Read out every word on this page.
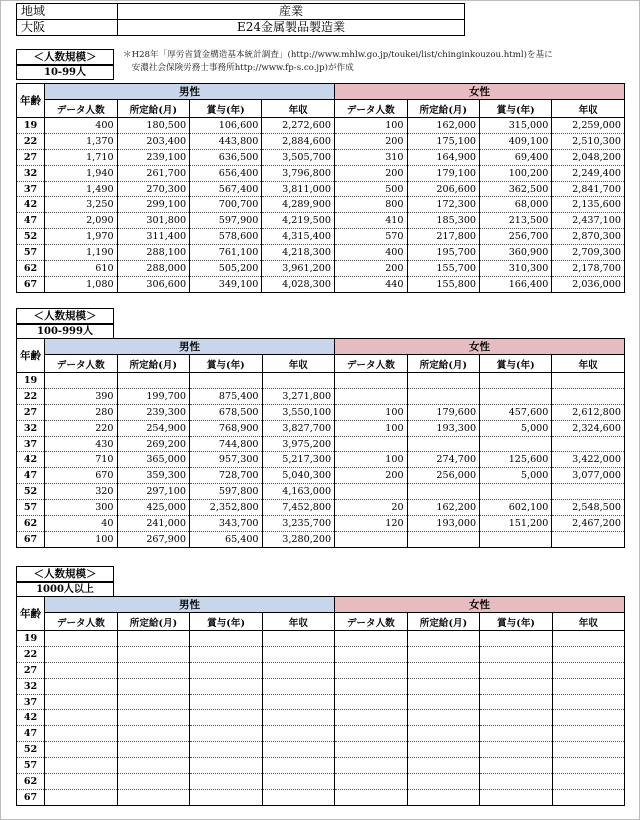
地域	産業
大阪	E24金属製品製造業
＜人数規模＞
10-99人
＊H28年「厚労省賃金構造基本統計調査」(http://www.mhlw.go.jp/toukei/list/chinginkouzou.html)を基に
　安濃社会保険労務士事務所http://www.fp-s.co.jp)が作成
年齢	男性				女性			
	データ人数	所定給(月)	賞与(年)	年収	データ人数	所定給(月)	賞与(年)	年収
19	400	180,500	106,600	2,272,600	100	162,000	315,000	2,259,000
22	1,370	203,400	443,800	2,884,600	200	175,100	409,100	2,510,300
27	1,710	239,100	636,500	3,505,700	310	164,900	69,400	2,048,200
32	1,940	261,700	656,400	3,796,800	200	179,100	100,200	2,249,400
37	1,490	270,300	567,400	3,811,000	500	206,600	362,500	2,841,700
42	3,250	299,100	700,700	4,289,900	800	172,300	68,000	2,135,600
47	2,090	301,800	597,900	4,219,500	410	185,300	213,500	2,437,100
52	1,970	311,400	578,600	4,315,400	570	217,800	256,700	2,870,300
57	1,190	288,100	761,100	4,218,300	400	195,700	360,900	2,709,300
62	610	288,000	505,200	3,961,200	200	155,700	310,300	2,178,700
67	1,080	306,600	349,100	4,028,300	440	155,800	166,400	2,036,000
＜人数規模＞
100-999人
年齢	男性				女性			
	データ人数	所定給(月)	賞与(年)	年収	データ人数	所定給(月)	賞与(年)	年収
19								
22	390	199,700	875,400	3,271,800				
27	280	239,300	678,500	3,550,100	100	179,600	457,600	2,612,800
32	220	254,900	768,900	3,827,700	100	193,300	5,000	2,324,600
37	430	269,200	744,800	3,975,200				
42	710	365,000	957,300	5,217,300	100	274,700	125,600	3,422,000
47	670	359,300	728,700	5,040,300	200	256,000	5,000	3,077,000
52	320	297,100	597,800	4,163,000				
57	300	425,000	2,352,800	7,452,800	20	162,200	602,100	2,548,500
62	40	241,000	343,700	3,235,700	120	193,000	151,200	2,467,200
67	100	267,900	65,400	3,280,200				
＜人数規模＞
1000人以上
年齢	男性				女性			
	データ人数	所定給(月)	賞与(年)	年収	データ人数	所定給(月)	賞与(年)	年収
19								
22								
27								
32								
37								
42								
47								
52								
57								
62								
67								
